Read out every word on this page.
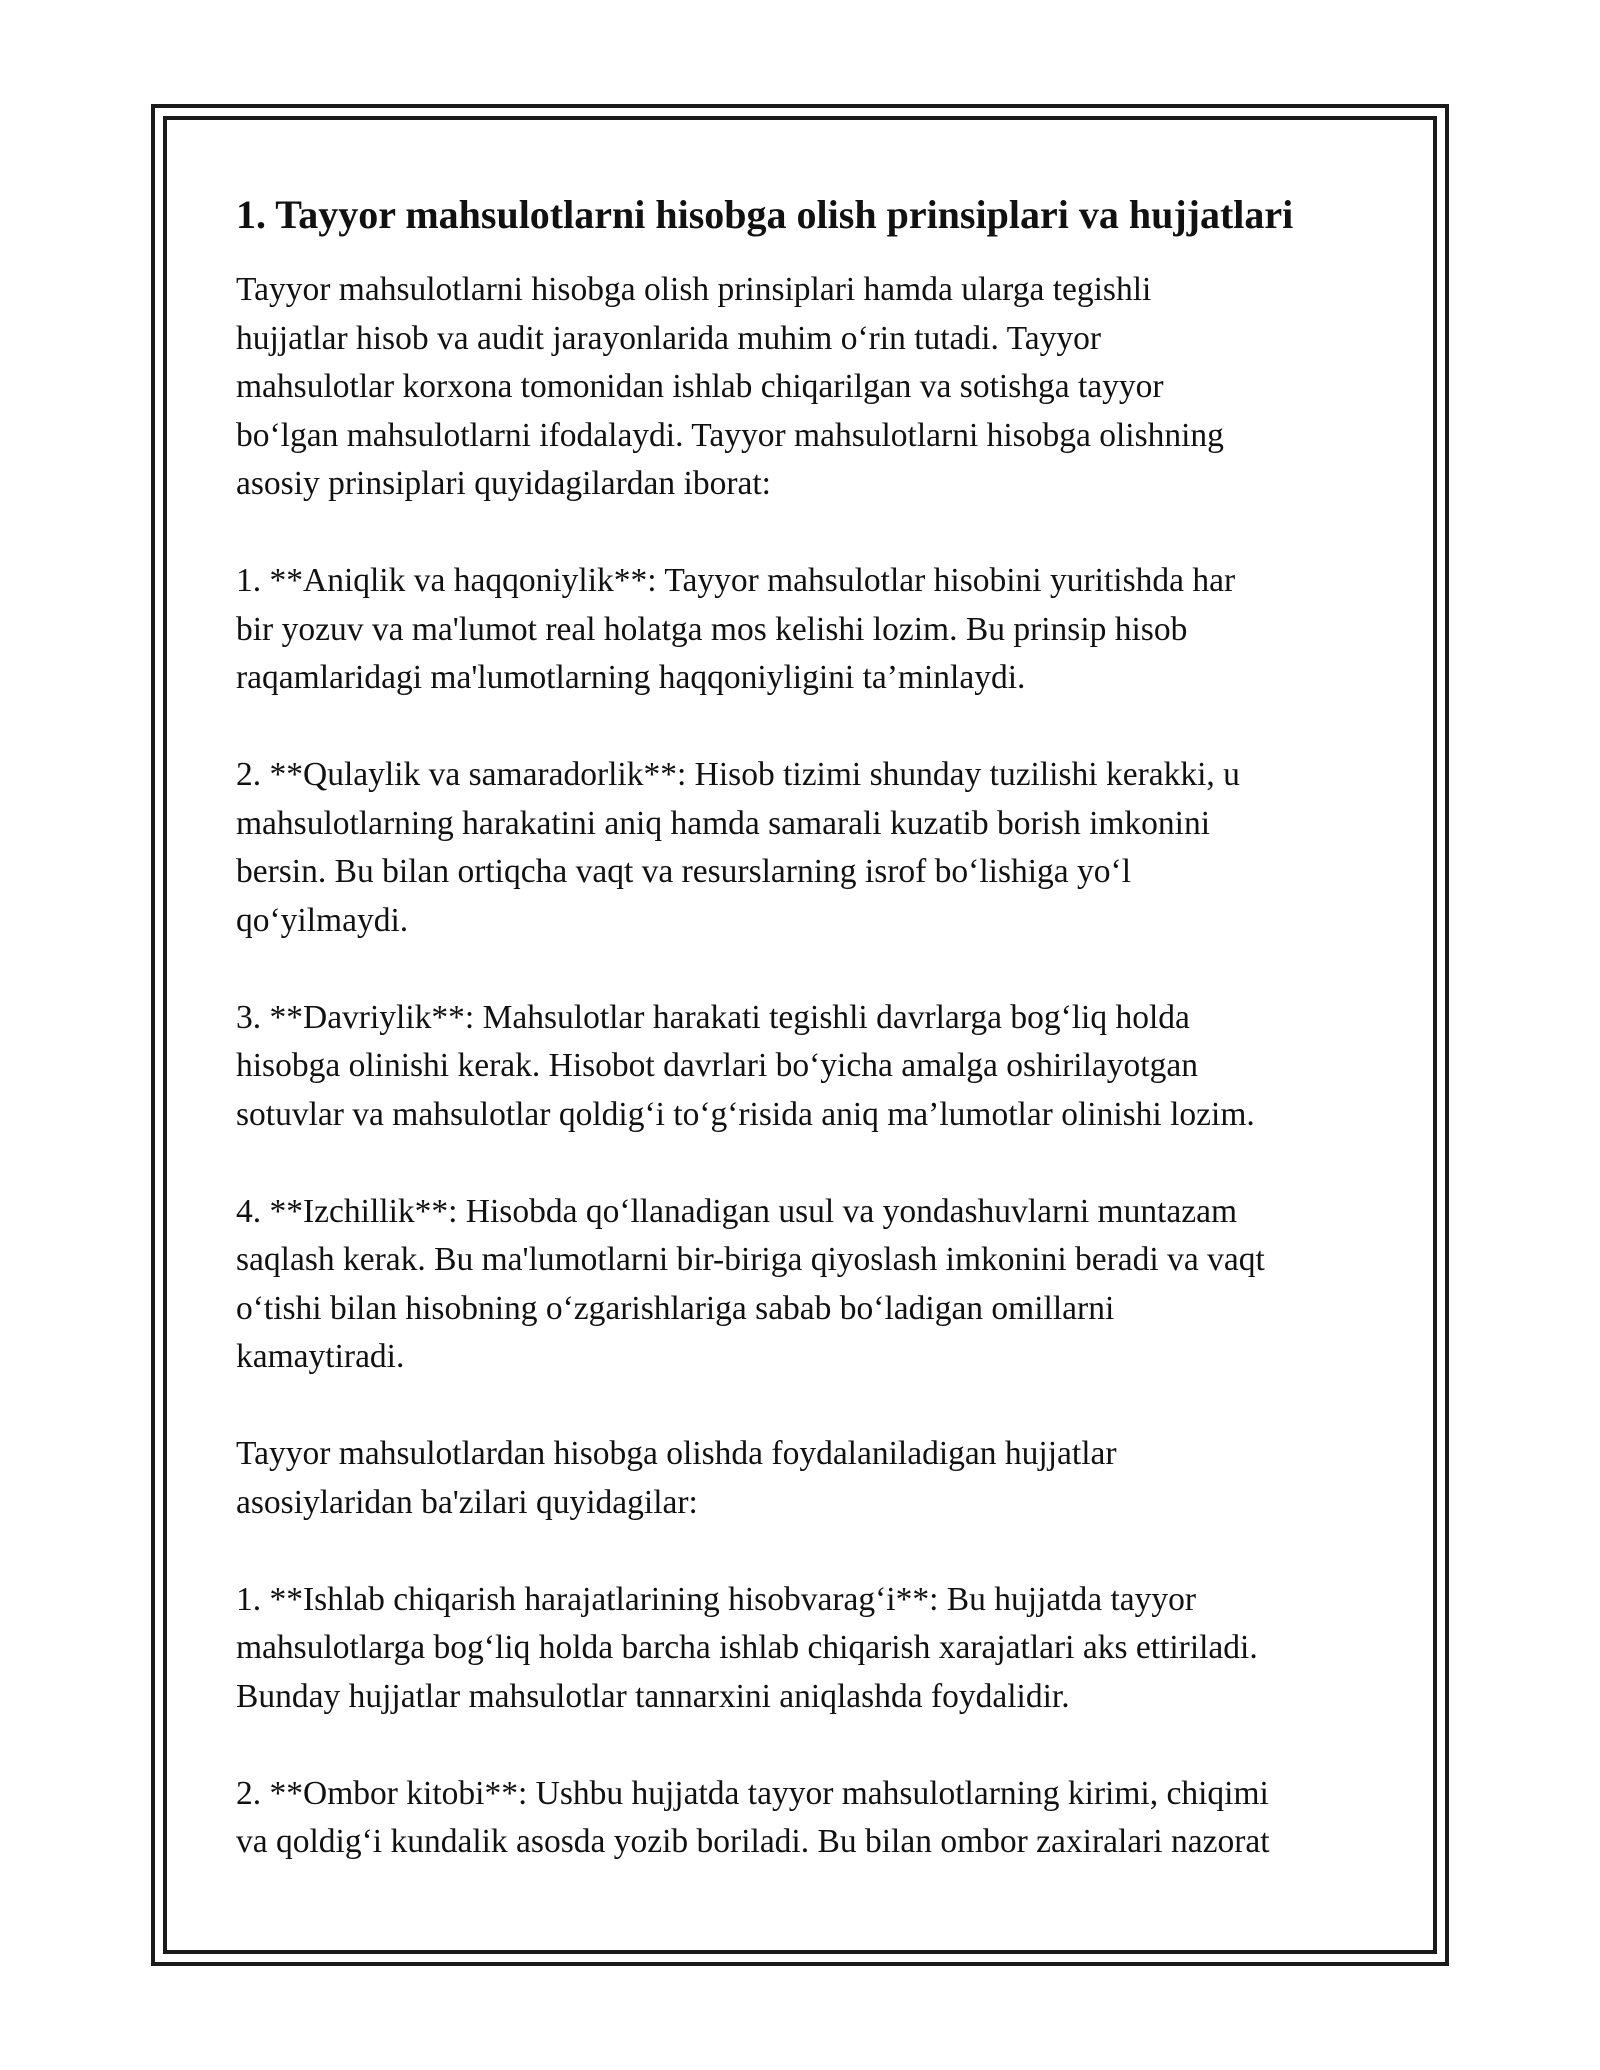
1. Tayyor mahsulotlarni hisobga olish prinsiplari va hujjatlari

Tayyor mahsulotlarni hisobga olish prinsiplari hamda ularga tegishli
hujjatlar hisob va audit jarayonlarida muhim o‘rin tutadi. Tayyor
mahsulotlar korxona tomonidan ishlab chiqarilgan va sotishga tayyor
bo‘lgan mahsulotlarni ifodalaydi. Tayyor mahsulotlarni hisobga olishning
asosiy prinsiplari quyidagilardan iborat:

1. **Aniqlik va haqqoniylik**: Tayyor mahsulotlar hisobini yuritishda har
bir yozuv va ma'lumot real holatga mos kelishi lozim. Bu prinsip hisob
raqamlaridagi ma'lumotlarning haqqoniyligini ta’minlaydi.

2. **Qulaylik va samaradorlik**: Hisob tizimi shunday tuzilishi kerakki, u
mahsulotlarning harakatini aniq hamda samarali kuzatib borish imkonini
bersin. Bu bilan ortiqcha vaqt va resurslarning isrof bo‘lishiga yo‘l
qo‘yilmaydi.

3. **Davriylik**: Mahsulotlar harakati tegishli davrlarga bog‘liq holda
hisobga olinishi kerak. Hisobot davrlari bo‘yicha amalga oshirilayotgan
sotuvlar va mahsulotlar qoldig‘i to‘g‘risida aniq ma’lumotlar olinishi lozim.

4. **Izchillik**: Hisobda qo‘llanadigan usul va yondashuvlarni muntazam
saqlash kerak. Bu ma'lumotlarni bir-biriga qiyoslash imkonini beradi va vaqt
o‘tishi bilan hisobning o‘zgarishlariga sabab bo‘ladigan omillarni
kamaytiradi.

Tayyor mahsulotlardan hisobga olishda foydalaniladigan hujjatlar
asosiylaridan ba'zilari quyidagilar:

1. **Ishlab chiqarish harajatlarining hisobvarag‘i**: Bu hujjatda tayyor
mahsulotlarga bog‘liq holda barcha ishlab chiqarish xarajatlari aks ettiriladi.
Bunday hujjatlar mahsulotlar tannarxini aniqlashda foydalidir.

2. **Ombor kitobi**: Ushbu hujjatda tayyor mahsulotlarning kirimi, chiqimi
va qoldig‘i kundalik asosda yozib boriladi. Bu bilan ombor zaxiralari nazorat
